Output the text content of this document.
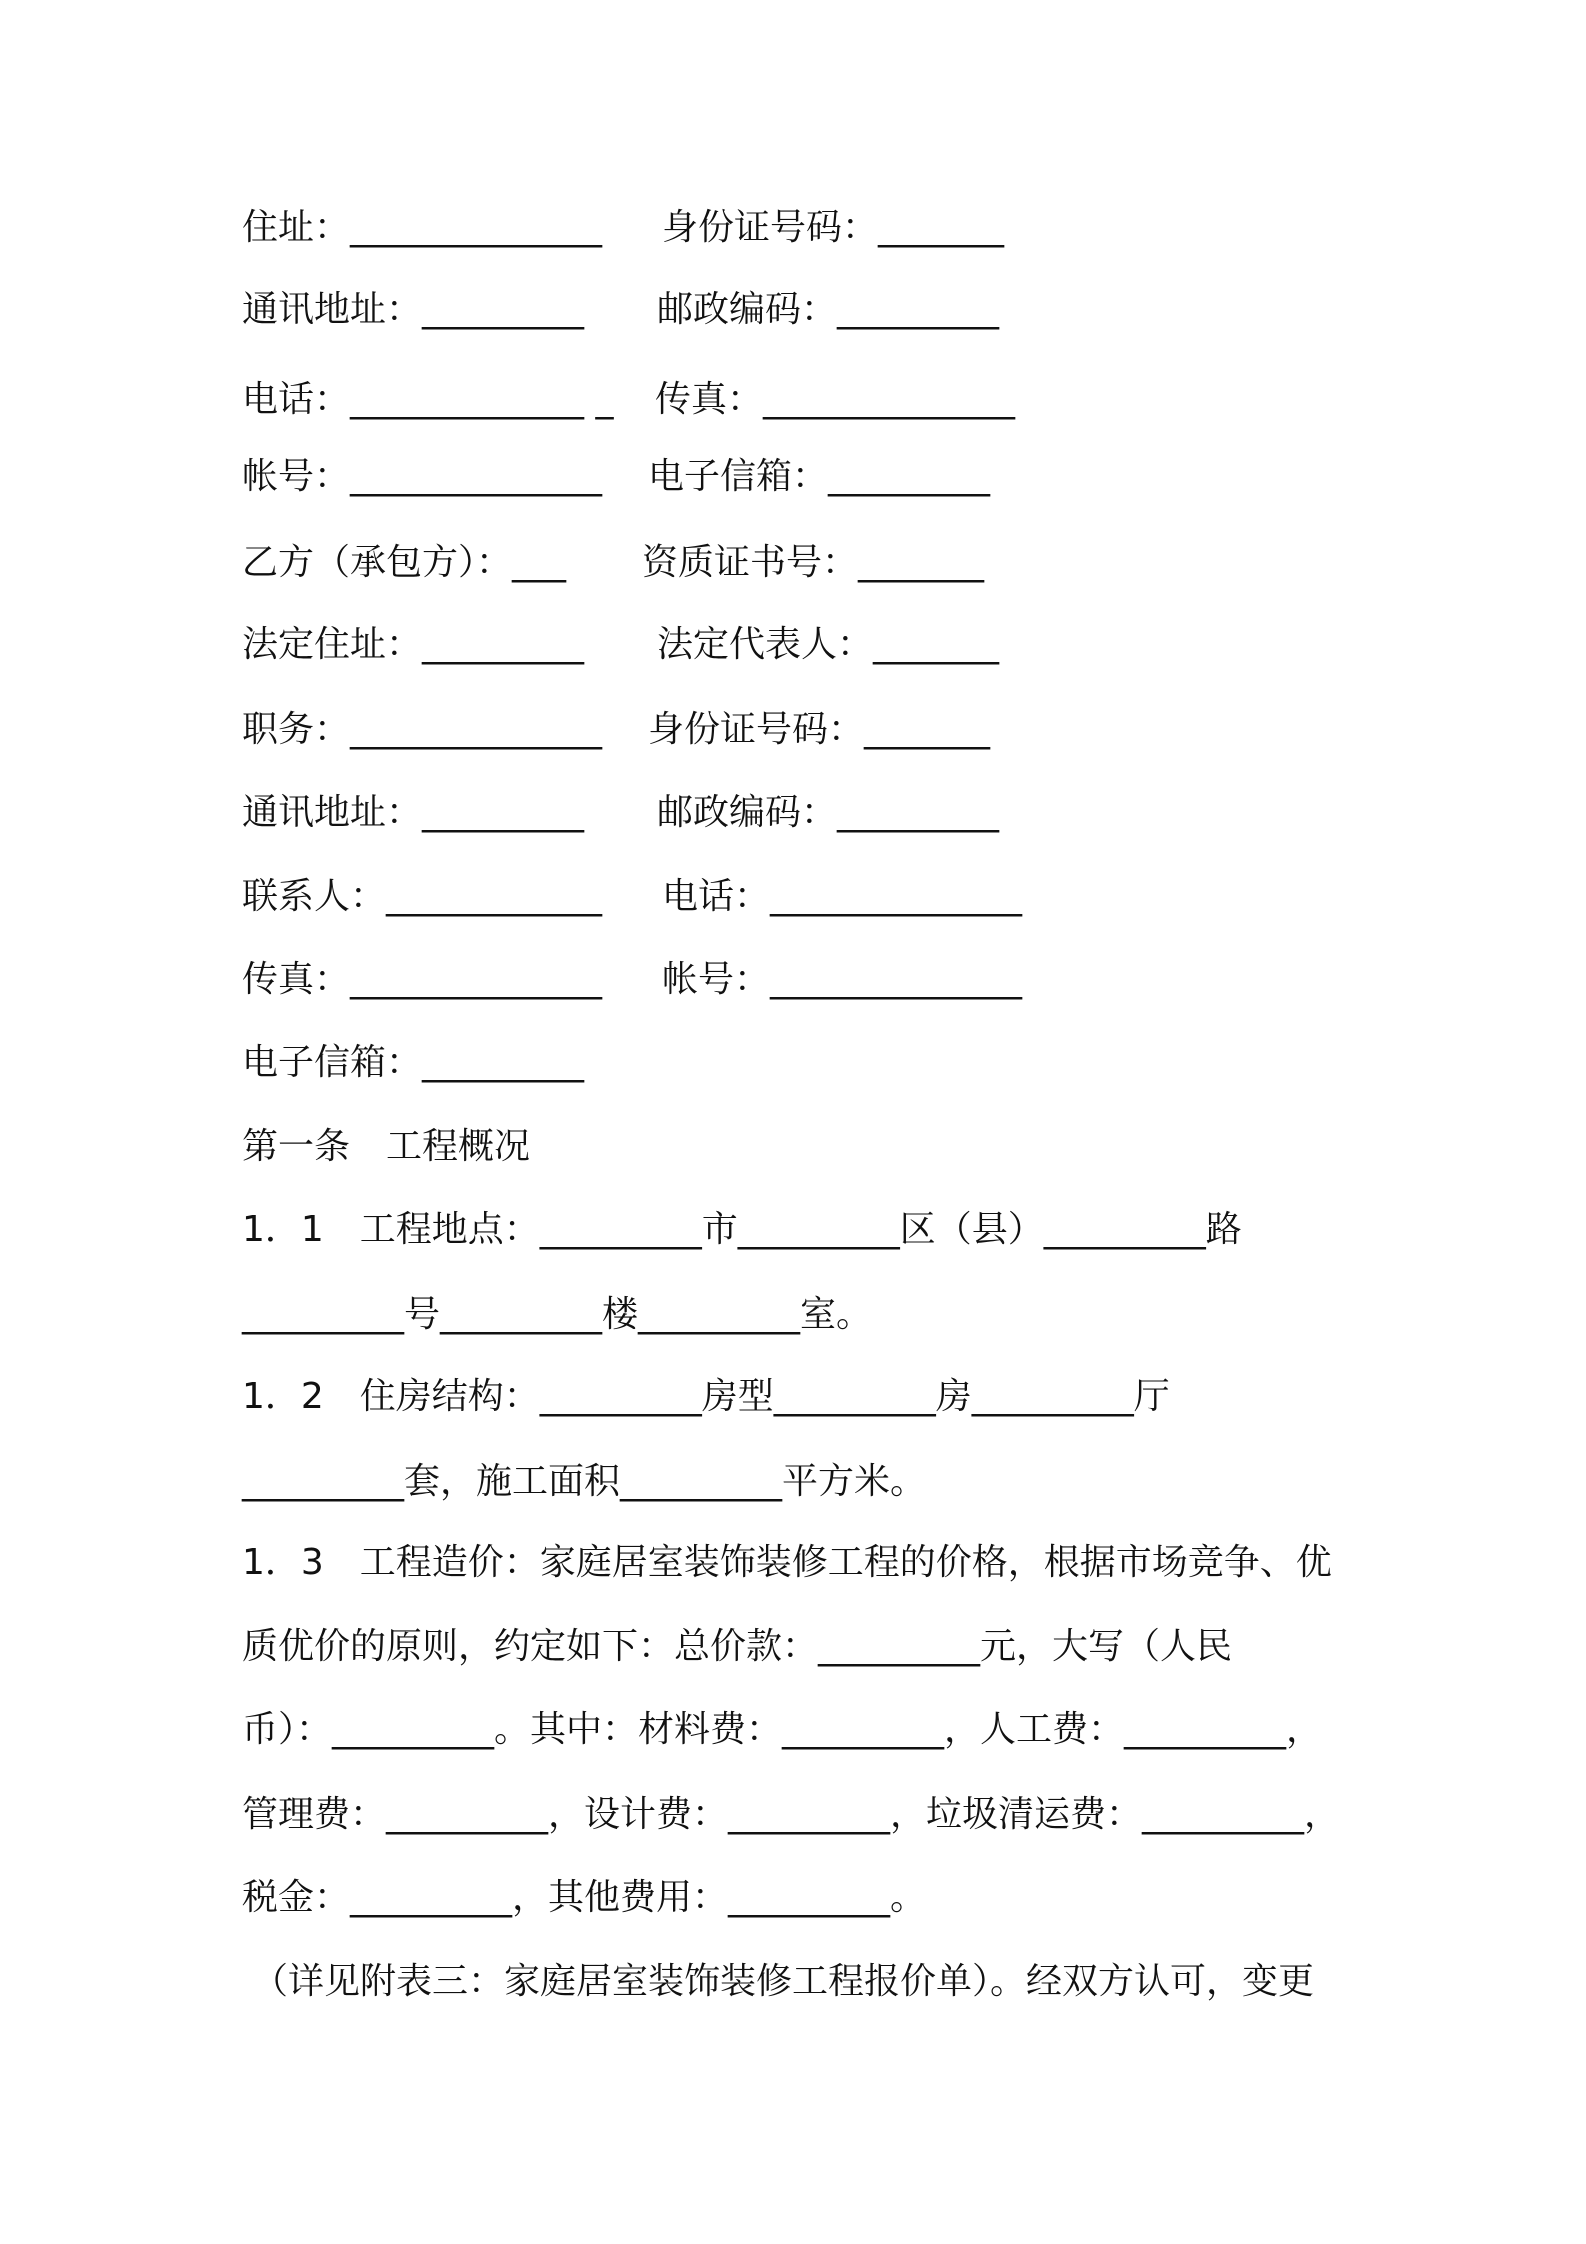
住址：______________ 身份证号码：_______
通讯地址：_________ 邮政编码：_________
电话：_____________ _ 传真：______________
帐号：______________ 电子信箱：_________
乙方（承包方）：___ 资质证书号：_______
法定住址：_________ 法定代表人：_______
职务：______________ 身份证号码：_______
通讯地址：_________ 邮政编码：_________
联系人：____________ 电话：______________
传真：______________ 帐号：______________
电子信箱：_________
第一条　工程概况
1．1　工程地点：_________市_________区（县）_________路
_________号_________楼_________室。
1．2　住房结构：_________房型_________房_________厅
_________套，施工面积_________平方米。
1．3　工程造价：家庭居室装饰装修工程的价格，根据市场竞争、优
质优价的原则，约定如下：总价款：_________元，大写（人民
币）：_________。其中：材料费：_________，人工费：_________，
管理费：_________，设计费：_________，垃圾清运费：_________，
税金：_________，其他费用：_________。
（详见附表三：家庭居室装饰装修工程报价单）。经双方认可，变更
